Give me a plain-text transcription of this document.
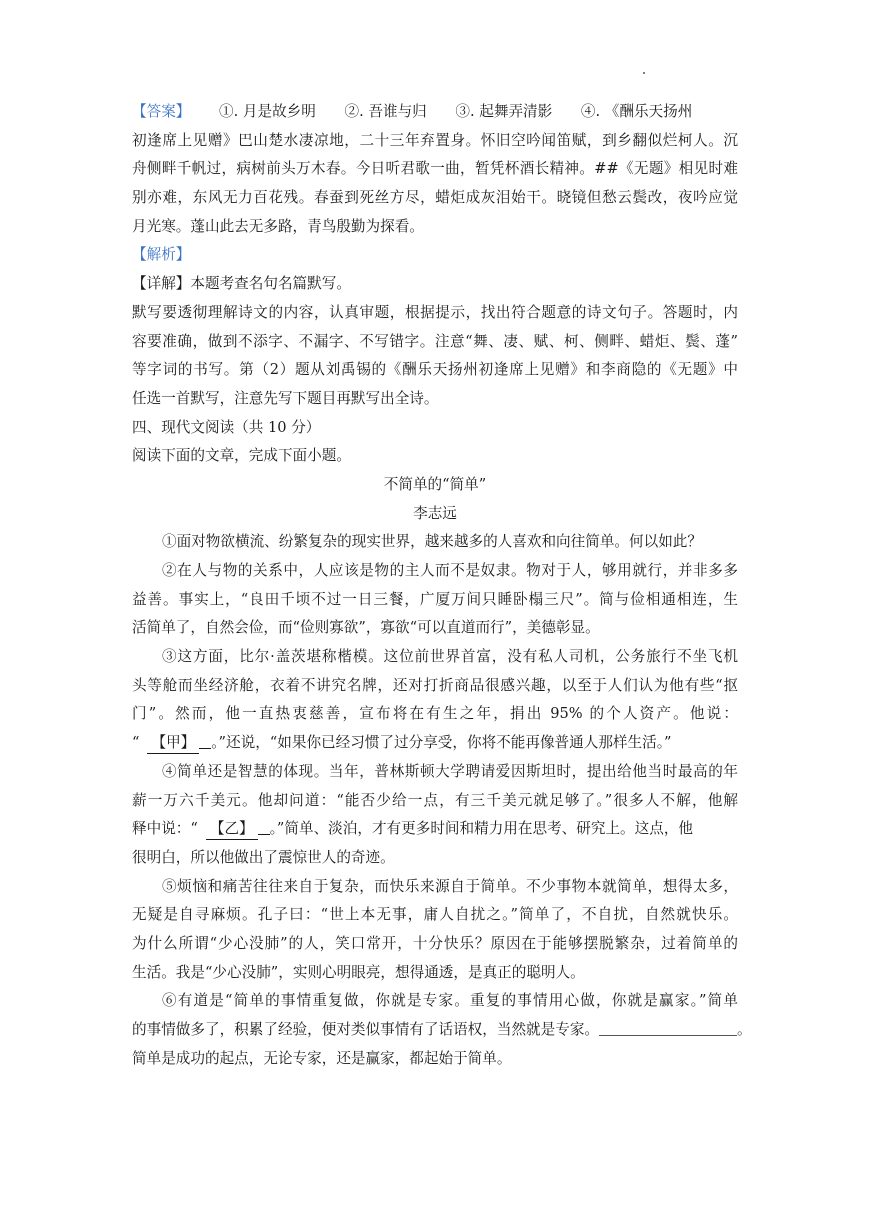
【答案】 ①. 月是故乡明 ②. 吾谁与归 ③. 起舞弄清影 ④. 《酬乐天扬州
初逢席上见赠》巴山楚水凄凉地，二十三年弃置身。怀旧空吟闻笛赋，到乡翻似烂柯人。沉
舟侧畔千帆过，病树前头万木春。今日听君歌一曲，暂凭杯酒长精神。##《无题》相见时难
别亦难，东风无力百花残。春蚕到死丝方尽，蜡炬成灰泪始干。晓镜但愁云鬓改，夜吟应觉
月光寒。蓬山此去无多路，青鸟殷勤为探看。
【解析】
【详解】本题考查名句名篇默写。
默写要透彻理解诗文的内容，认真审题，根据提示，找出符合题意的诗文句子。答题时，内
容要准确，做到不添字、不漏字、不写错字。注意“舞、凄、赋、柯、侧畔、蜡炬、鬓、蓬”
等字词的书写。第（2）题从刘禹锡的《酬乐天扬州初逢席上见赠》和李商隐的《无题》中
任选一首默写，注意先写下题目再默写出全诗。
四、现代文阅读（共 10 分）
阅读下面的文章，完成下面小题。
不简单的“简单”
李志远
①面对物欲横流、纷繁复杂的现实世界，越来越多的人喜欢和向往简单。何以如此？
②在人与物的关系中，人应该是物的主人而不是奴隶。物对于人，够用就行，并非多多
益善。事实上，“良田千顷不过一日三餐，广厦万间只睡卧榻三尺”。简与俭相通相连，生
活简单了，自然会俭，而“俭则寡欲”，寡欲“可以直道而行”，美德彰显。
③这方面，比尔·盖茨堪称楷模。这位前世界首富，没有私人司机，公务旅行不坐飞机
头等舱而坐经济舱，衣着不讲究名牌，还对打折商品很感兴趣，以至于人们认为他有些“抠
门”。然而，他一直热衷慈善，宣布将在有生之年，捐出 95% 的个人资产。他说：
“ 【甲】 。”还说，“如果你已经习惯了过分享受，你将不能再像普通人那样生活。”
④简单还是智慧的体现。当年，普林斯顿大学聘请爱因斯坦时，提出给他当时最高的年
薪一万六千美元。他却问道：“能否少给一点，有三千美元就足够了。”很多人不解，他解
释中说：“ 【乙】 。”简单、淡泊，才有更多时间和精力用在思考、研究上。这点，他
很明白，所以他做出了震惊世人的奇迹。
⑤烦恼和痛苦往往来自于复杂，而快乐来源自于简单。不少事物本就简单，想得太多，
无疑是自寻麻烦。孔子曰：“世上本无事，庸人自扰之。”简单了，不自扰，自然就快乐。
为什么所谓“少心没肺”的人，笑口常开，十分快乐？原因在于能够摆脱繁杂，过着简单的
生活。我是“少心没肺”，实则心明眼亮，想得通透，是真正的聪明人。
⑥有道是“简单的事情重复做，你就是专家。重复的事情用心做，你就是赢家。”简单
的事情做多了，积累了经验，便对类似事情有了话语权，当然就是专家。	。
简单是成功的起点，无论专家，还是赢家，都起始于简单。
